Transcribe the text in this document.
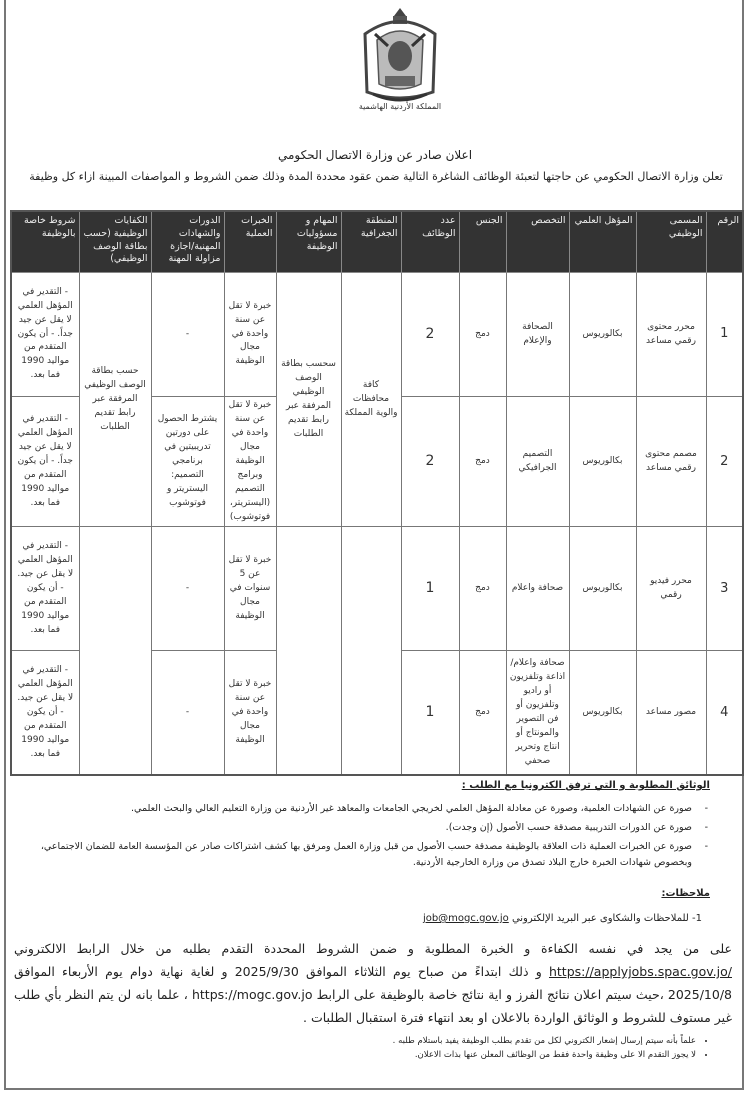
المملكة الأردنية الهاشمية
اعلان صادر عن وزارة الاتصال الحكومي
تعلن وزارة الاتصال الحكومي عن حاجتها لتعبئة الوظائف الشاغرة التالية ضمن عقود محددة المدة وذلك ضمن الشروط و المواصفات المبينة ازاء كل وظيفة
الرقم	المسمى الوظيفي	المؤهل العلمي	التخصص	الجنس	عدد الوظائف	المنطقة الجغرافية	المهام و مسؤوليات الوظيفة	الخبرات العملية	الدورات والشهادات المهنية/اجازة مزاولة المهنة	الكفايات الوظيفية (حسب بطاقة الوصف الوظيفي)	شروط خاصة بالوظيفة
1	محرر محتوى رقمي مساعد	بكالوريوس	الصحافة والإعلام	دمج	2	كافة محافظات والوية المملكة	سحسب بطاقة الوصف الوظيفي المرفقة عبر رابط تقديم الطلبات	خبرة لا تقل عن سنة واحدة في مجال الوظيفة	-	حسب بطاقة الوصف الوظيفي المرفقة عبر رابط تقديم الطلبات	- التقدير في المؤهل العلمي لا يقل عن جيد جداً. - أن يكون المتقدم من مواليد 1990 فما بعد.
2	مصمم محتوى رقمي مساعد	بكالوريوس	التصميم الجرافيكي	دمج	2			خبرة لا تقل عن سنة واحدة في مجال الوظيفة وبرامج التصميم (اليستريتر، فوتوشوب)	يشترط الحصول على دورتين تدريبيتين في برنامجي التصميم: اليستريتر و فوتوشوب		- التقدير في المؤهل العلمي لا يقل عن جيد جداً. - أن يكون المتقدم من مواليد 1990 فما بعد.
3	محرر فيديو رقمي	بكالوريوس	صحافة واعلام	دمج	1			خبرة لا تقل عن 5 سنوات في مجال الوظيفة	-		- التقدير في المؤهل العلمي لا يقل عن جيد. - أن يكون المتقدم من مواليد 1990 فما بعد.
4	مصور مساعد	بكالوريوس	صحافة واعلام/اذاعة وتلفزيون أو راديو وتلفزيون أو فن التصوير والمونتاج أو انتاج وتحرير صحفي	دمج	1			خبرة لا تقل عن سنة واحدة في مجال الوظيفة	-		- التقدير في المؤهل العلمي لا يقل عن جيد. - أن يكون المتقدم من مواليد 1990 فما بعد.
الوثائق المطلوبة و التي ترفق الكترونيا مع الطلب :
- صورة عن الشهادات العلمية، وصورة عن معادلة المؤهل العلمي لخريجي الجامعات والمعاهد غير الأردنية من وزارة التعليم العالي والبحث العلمي.
- صورة عن الدورات التدريبية مصدقة حسب الأصول (إن وجدت).
- صورة عن الخبرات العملية ذات العلاقة بالوظيفة مصدقة حسب الأصول من قبل وزارة العمل ومرفق بها كشف اشتراكات صادر عن المؤسسة العامة للضمان الاجتماعي، وبخصوص شهادات الخبرة خارج البلاد تصدق من وزارة الخارجية الأردنية.
ملاحظات:
1- للملاحظات والشكاوى عبر البريد الإلكتروني job@mogc.gov.jo
على من يجد في نفسه الكفاءة و الخبرة المطلوبة و ضمن الشروط المحددة التقدم بطلبه من خلال الرابط الالكتروني https://applyjobs.spac.gov.jo/ و ذلك ابتداءً من صباح يوم الثلاثاء الموافق 2025/9/30 و لغاية نهاية دوام يوم الأربعاء الموافق 2025/10/8 ،حيث سيتم اعلان نتائج الفرز و اية نتائج خاصة بالوظيفة على الرابط https://mogc.gov.jo ، علما بانه لن يتم النظر بأي طلب غير مستوف للشروط و الوثائق الواردة بالاعلان او بعد انتهاء فترة استقبال الطلبات .
• علماً بأنه سيتم إرسال إشعار الكتروني لكل من تقدم بطلب الوظيفة يفيد باستلام طلبه .
• لا يجوز التقدم الا على وظيفة واحدة فقط من الوظائف المعلن عنها بذات الاعلان.
